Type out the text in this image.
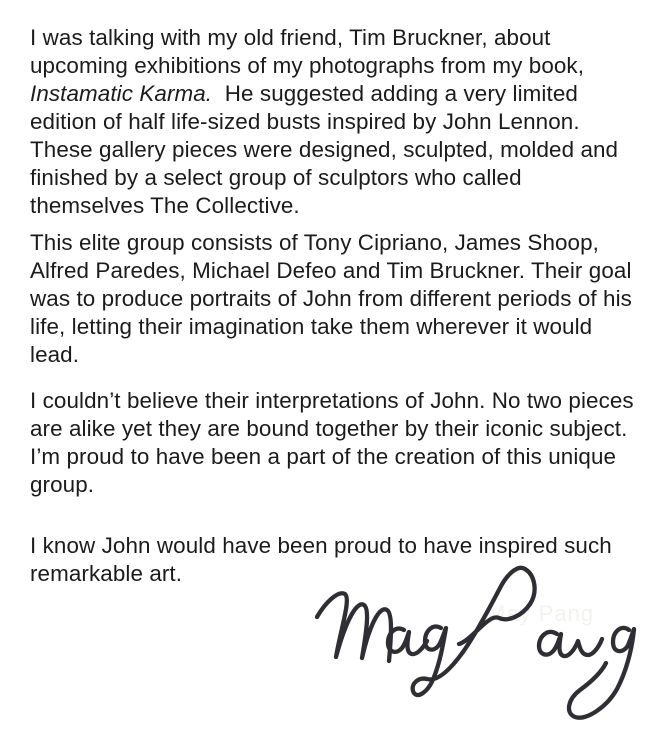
I was talking with my old friend, Tim Bruckner, about
upcoming exhibitions of my photographs from my book,
Instamatic Karma.  He suggested adding a very limited
edition of half life-sized busts inspired by John Lennon.
These gallery pieces were designed, sculpted, molded and
finished by a select group of sculptors who called
themselves The Collective.
This elite group consists of Tony Cipriano, James Shoop,
Alfred Paredes, Michael Defeo and Tim Bruckner. Their goal
was to produce portraits of John from different periods of his
life, letting their imagination take them wherever it would
lead.
I couldn’t believe their interpretations of John. No two pieces
are alike yet they are bound together by their iconic subject.
I’m proud to have been a part of the creation of this unique
group.
I know John would have been proud to have inspired such
remarkable art.
May Pang
